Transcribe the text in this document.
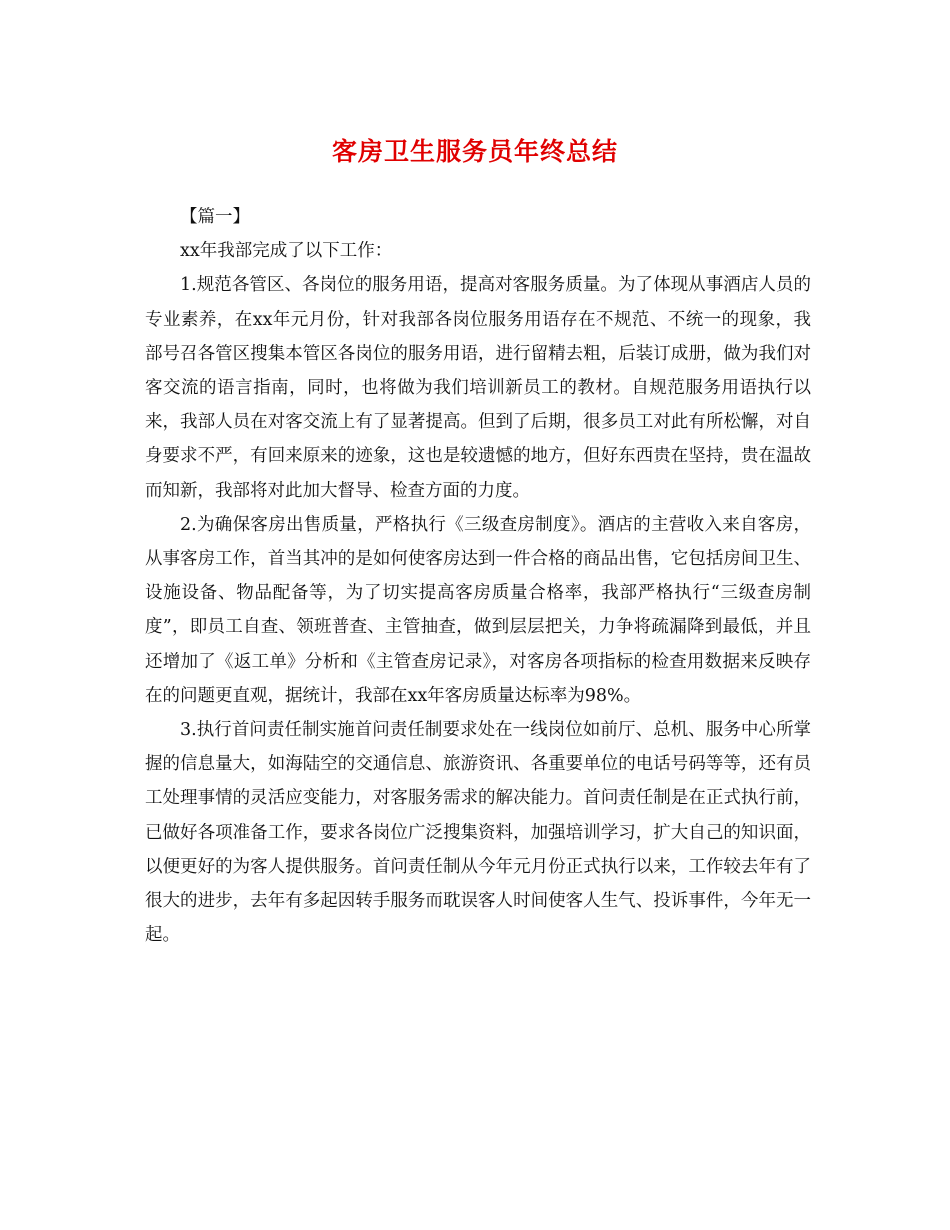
客房卫生服务员年终总结

【篇一】

xx年我部完成了以下工作：

1.规范各管区、各岗位的服务用语，提高对客服务质量。为了体现从事酒店人员的专业素养，在xx年元月份，针对我部各岗位服务用语存在不规范、不统一的现象，我部号召各管区搜集本管区各岗位的服务用语，进行留精去粗，后装订成册，做为我们对客交流的语言指南，同时，也将做为我们培训新员工的教材。自规范服务用语执行以来，我部人员在对客交流上有了显著提高。但到了后期，很多员工对此有所松懈，对自身要求不严，有回来原来的迹象，这也是较遗憾的地方，但好东西贵在坚持，贵在温故而知新，我部将对此加大督导、检查方面的力度。

2.为确保客房出售质量，严格执行《三级查房制度》。酒店的主营收入来自客房，从事客房工作，首当其冲的是如何使客房达到一件合格的商品出售，它包括房间卫生、设施设备、物品配备等，为了切实提高客房质量合格率，我部严格执行“三级查房制度”，即员工自查、领班普查、主管抽查，做到层层把关，力争将疏漏降到最低，并且还增加了《返工单》分析和《主管查房记录》，对客房各项指标的检查用数据来反映存在的问题更直观，据统计，我部在xx年客房质量达标率为98%。

3.执行首问责任制实施首问责任制要求处在一线岗位如前厅、总机、服务中心所掌握的信息量大，如海陆空的交通信息、旅游资讯、各重要单位的电话号码等等，还有员工处理事情的灵活应变能力，对客服务需求的解决能力。首问责任制是在正式执行前，已做好各项准备工作，要求各岗位广泛搜集资料，加强培训学习，扩大自己的知识面，以便更好的为客人提供服务。首问责任制从今年元月份正式执行以来，工作较去年有了很大的进步，去年有多起因转手服务而耽误客人时间使客人生气、投诉事件，今年无一起。
